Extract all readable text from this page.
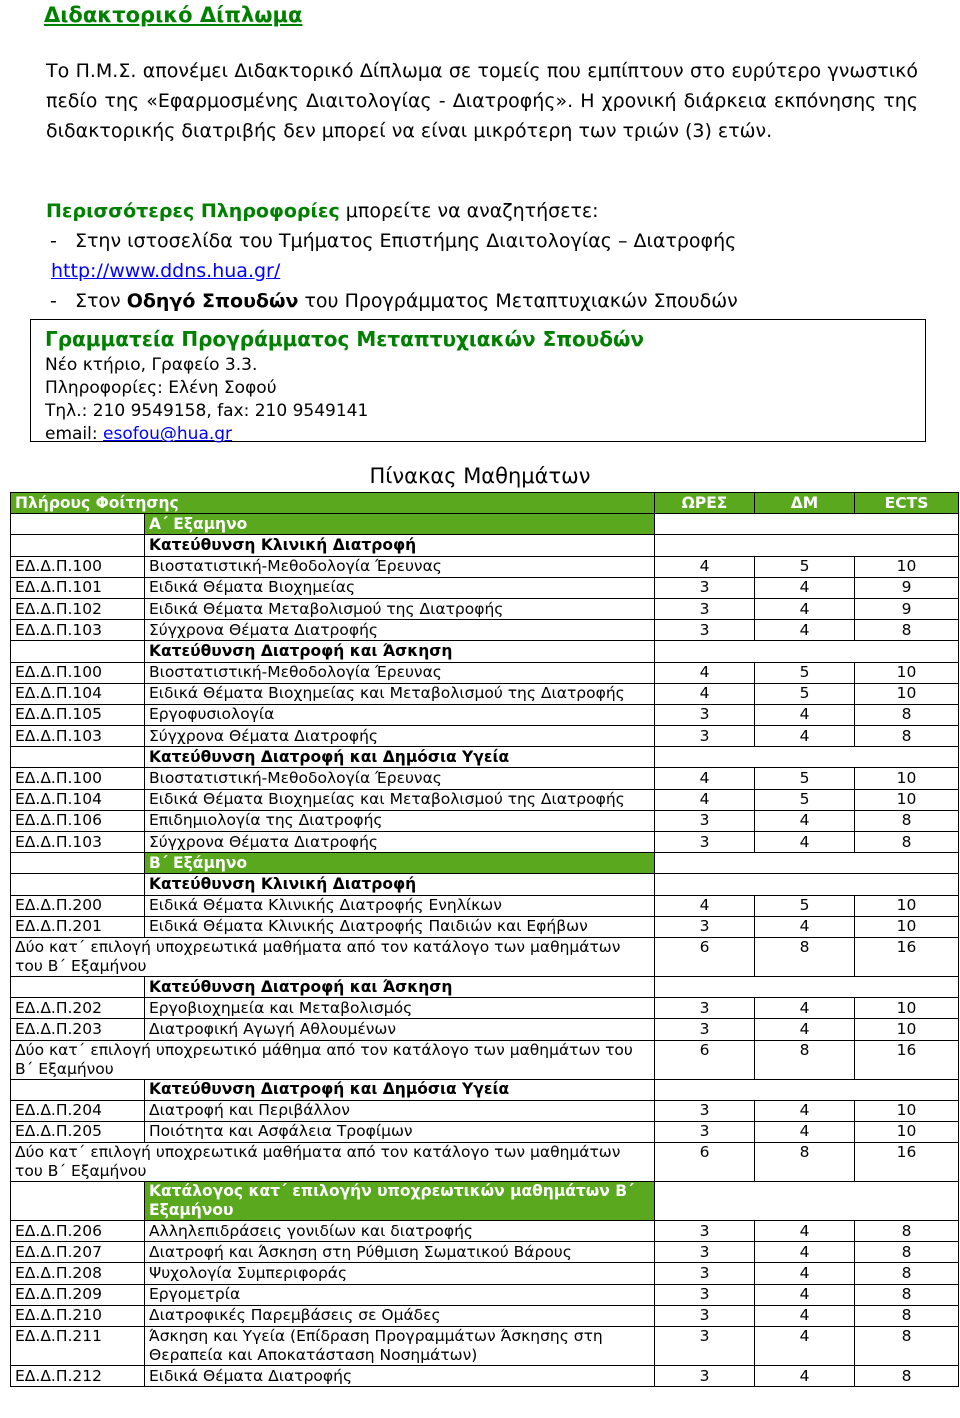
Διδακτορικό Δίπλωμα
Το Π.Μ.Σ. απονέμει Διδακτορικό Δίπλωμα σε τομείς που εμπίπτουν στο ευρύτερο γνωστικό πεδίο της «Εφαρμοσμένης Διαιτολογίας - Διατροφής». Η χρονική διάρκεια εκπόνησης της διδακτορικής διατριβής δεν μπορεί να είναι μικρότερη των τριών (3) ετών.
Περισσότερες Πληροφορίες μπορείτε να αναζητήσετε:
-   Στην ιστοσελίδα του Τμήματος Επιστήμης Διαιτολογίας – Διατροφής
http://www.ddns.hua.gr/
-   Στον Οδηγό Σπουδών του Προγράμματος Μεταπτυχιακών Σπουδών
Γραμματεία Προγράμματος Μεταπτυχιακών Σπουδών
Νέο κτήριο, Γραφείο 3.3.
Πληροφορίες: Ελένη Σοφού
Τηλ.: 210 9549158, fax: 210 9549141
email: esofou@hua.gr
Πίνακας Μαθημάτων
Πλήρους Φοίτησης		ΩΡΕΣ	ΔΜ	ECTS
	Α΄ Εξαμηνο			
	Κατεύθυνση Κλινική Διατροφή			
ΕΔ.Δ.Π.100	Βιοστατιστική-Μεθοδολογία Έρευνας	4	5	10
ΕΔ.Δ.Π.101	Ειδικά Θέματα Βιοχημείας	3	4	9
ΕΔ.Δ.Π.102	Ειδικά Θέματα Μεταβολισμού της Διατροφής	3	4	9
ΕΔ.Δ.Π.103	Σύγχρονα Θέματα Διατροφής	3	4	8
	Κατεύθυνση Διατροφή και Άσκηση			
ΕΔ.Δ.Π.100	Βιοστατιστική-Μεθοδολογία Έρευνας	4	5	10
ΕΔ.Δ.Π.104	Ειδικά Θέματα Βιοχημείας και Μεταβολισμού της Διατροφής	4	5	10
ΕΔ.Δ.Π.105	Εργοφυσιολογία	3	4	8
ΕΔ.Δ.Π.103	Σύγχρονα Θέματα Διατροφής	3	4	8
	Κατεύθυνση Διατροφή και Δημόσια Υγεία			
ΕΔ.Δ.Π.100	Βιοστατιστική-Μεθοδολογία Έρευνας	4	5	10
ΕΔ.Δ.Π.104	Ειδικά Θέματα Βιοχημείας και Μεταβολισμού της Διατροφής	4	5	10
ΕΔ.Δ.Π.106	Επιδημιολογία της Διατροφής	3	4	8
ΕΔ.Δ.Π.103	Σύγχρονα Θέματα Διατροφής	3	4	8
	Β΄ Εξάμηνο			
	Κατεύθυνση Κλινική Διατροφή			
ΕΔ.Δ.Π.200	Ειδικά Θέματα Κλινικής Διατροφής Ενηλίκων	4	5	10
ΕΔ.Δ.Π.201	Ειδικά Θέματα Κλινικής Διατροφής Παιδιών και Εφήβων	3	4	10
Δύο κατ΄ επιλογή υποχρεωτικά μαθήματα από τον κατάλογο των μαθημάτων του Β΄ Εξαμήνου		6	8	16
	Κατεύθυνση Διατροφή και Άσκηση			
ΕΔ.Δ.Π.202	Εργοβιοχημεία και Μεταβολισμός	3	4	10
ΕΔ.Δ.Π.203	Διατροφική Αγωγή Αθλουμένων	3	4	10
Δύο κατ΄ επιλογή υποχρεωτικό μάθημα από τον κατάλογο των μαθημάτων του Β΄ Εξαμήνου		6	8	16
	Κατεύθυνση Διατροφή και Δημόσια Υγεία			
ΕΔ.Δ.Π.204	Διατροφή και Περιβάλλον	3	4	10
ΕΔ.Δ.Π.205	Ποιότητα και Ασφάλεια Τροφίμων	3	4	10
Δύο κατ΄ επιλογή υποχρεωτικά μαθήματα από τον κατάλογο των μαθημάτων του Β΄ Εξαμήνου		6	8	16
	Κατάλογος κατ΄ επιλογήν υποχρεωτικών μαθημάτων Β΄ Εξαμήνου			
ΕΔ.Δ.Π.206	Αλληλεπιδράσεις γονιδίων και διατροφής	3	4	8
ΕΔ.Δ.Π.207	Διατροφή και Άσκηση στη Ρύθμιση Σωματικού Βάρους	3	4	8
ΕΔ.Δ.Π.208	Ψυχολογία Συμπεριφοράς	3	4	8
ΕΔ.Δ.Π.209	Εργομετρία	3	4	8
ΕΔ.Δ.Π.210	Διατροφικές Παρεμβάσεις σε Ομάδες	3	4	8
ΕΔ.Δ.Π.211	Άσκηση και Υγεία (Επίδραση Προγραμμάτων Άσκησης στη Θεραπεία και Αποκατάσταση Νοσημάτων)	3	4	8
ΕΔ.Δ.Π.212	Ειδικά Θέματα Διατροφής	3	4	8
